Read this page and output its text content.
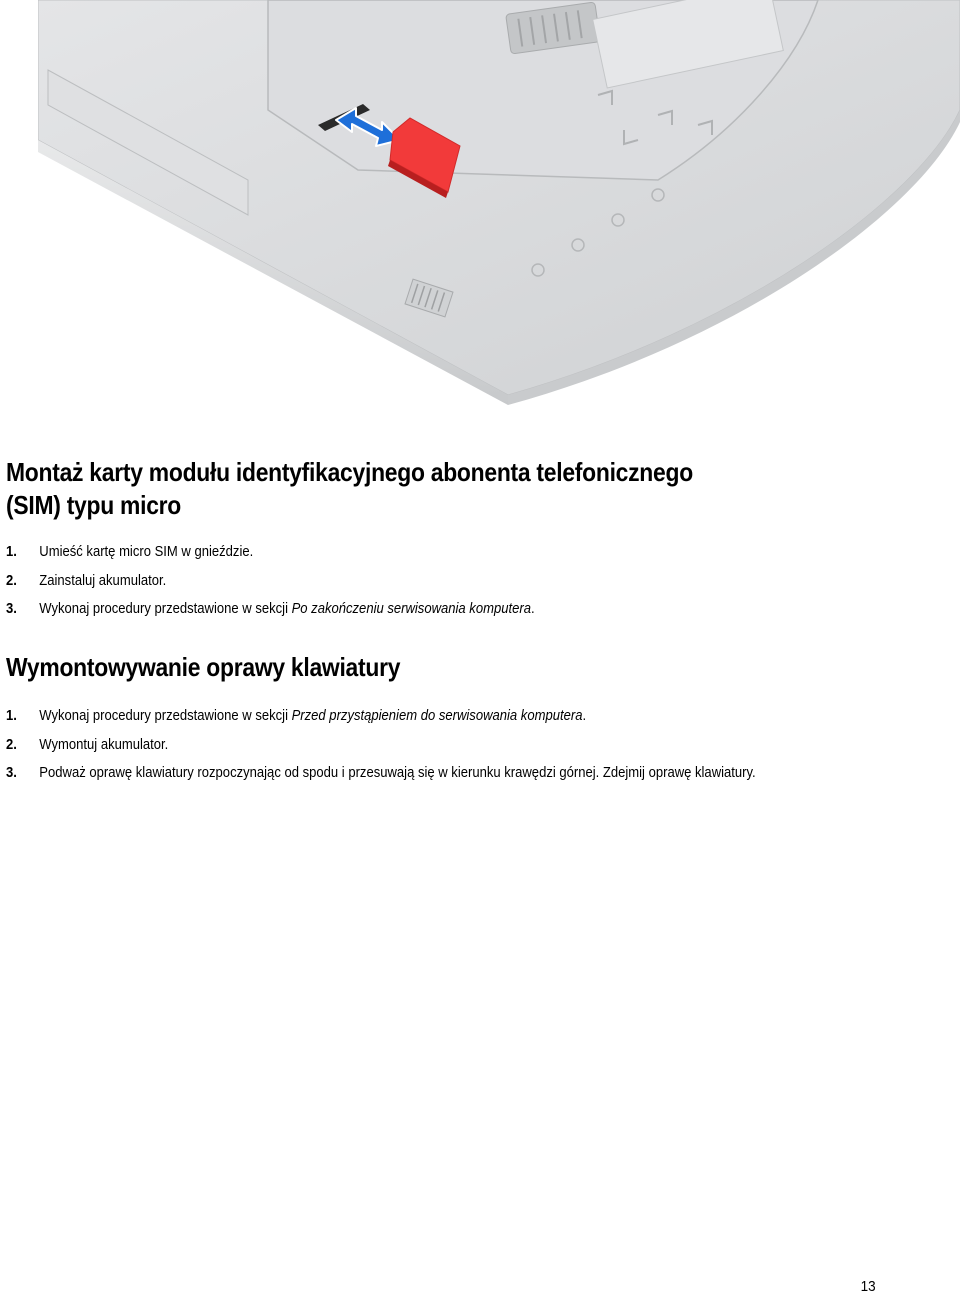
Montaż karty modułu identyfikacyjnego abonenta telefonicznego
(SIM) typu micro
1. Umieść kartę micro SIM w gnieździe.
2. Zainstaluj akumulator.
3. Wykonaj procedury przedstawione w sekcji Po zakończeniu serwisowania komputera.
Wymontowywanie oprawy klawiatury
1. Wykonaj procedury przedstawione w sekcji Przed przystąpieniem do serwisowania komputera.
2. Wymontuj akumulator.
3. Podważ oprawę klawiatury rozpoczynając od spodu i przesuwają się w kierunku krawędzi górnej. Zdejmij oprawę klawiatury.
13
